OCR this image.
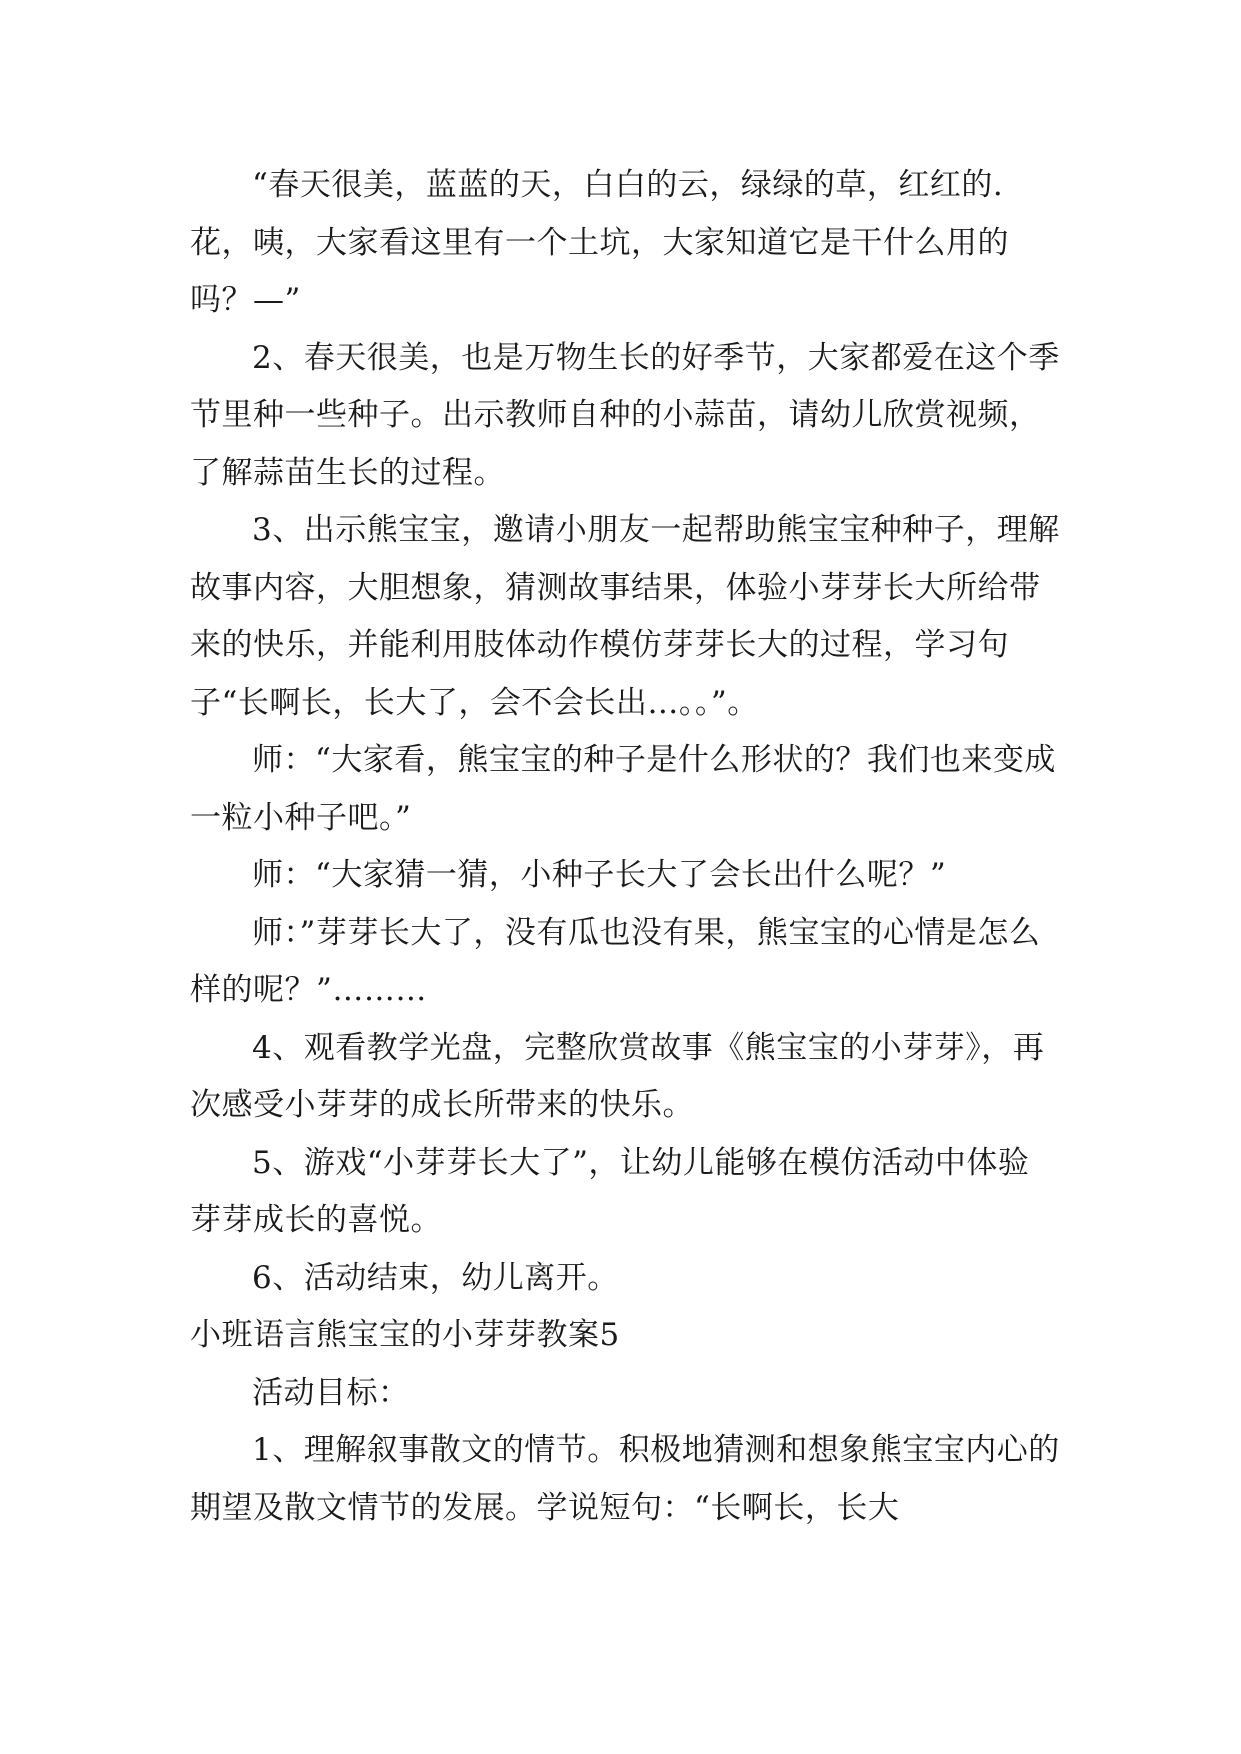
“春天很美，蓝蓝的天，白白的云，绿绿的草，红红的.花，咦，大家看这里有一个土坑，大家知道它是干什么用的吗？—”

2、春天很美，也是万物生长的好季节，大家都爱在这个季节里种一些种子。出示教师自种的小蒜苗，请幼儿欣赏视频，了解蒜苗生长的过程。

3、出示熊宝宝，邀请小朋友一起帮助熊宝宝种种子，理解故事内容，大胆想象，猜测故事结果，体验小芽芽长大所给带来的快乐，并能利用肢体动作模仿芽芽长大的过程，学习句子“长啊长，长大了，会不会长出…。。”。

师：“大家看，熊宝宝的种子是什么形状的？我们也来变成一粒小种子吧。”

师：“大家猜一猜，小种子长大了会长出什么呢？”

师：”芽芽长大了，没有瓜也没有果，熊宝宝的心情是怎么样的呢？”………

4、观看教学光盘，完整欣赏故事《熊宝宝的小芽芽》，再次感受小芽芽的成长所带来的快乐。

5、游戏“小芽芽长大了”，让幼儿能够在模仿活动中体验芽芽成长的喜悦。

6、活动结束，幼儿离开。

小班语言熊宝宝的小芽芽教案5

活动目标：

1、理解叙事散文的情节。积极地猜测和想象熊宝宝内心的期望及散文情节的发展。学说短句：“长啊长，长大
